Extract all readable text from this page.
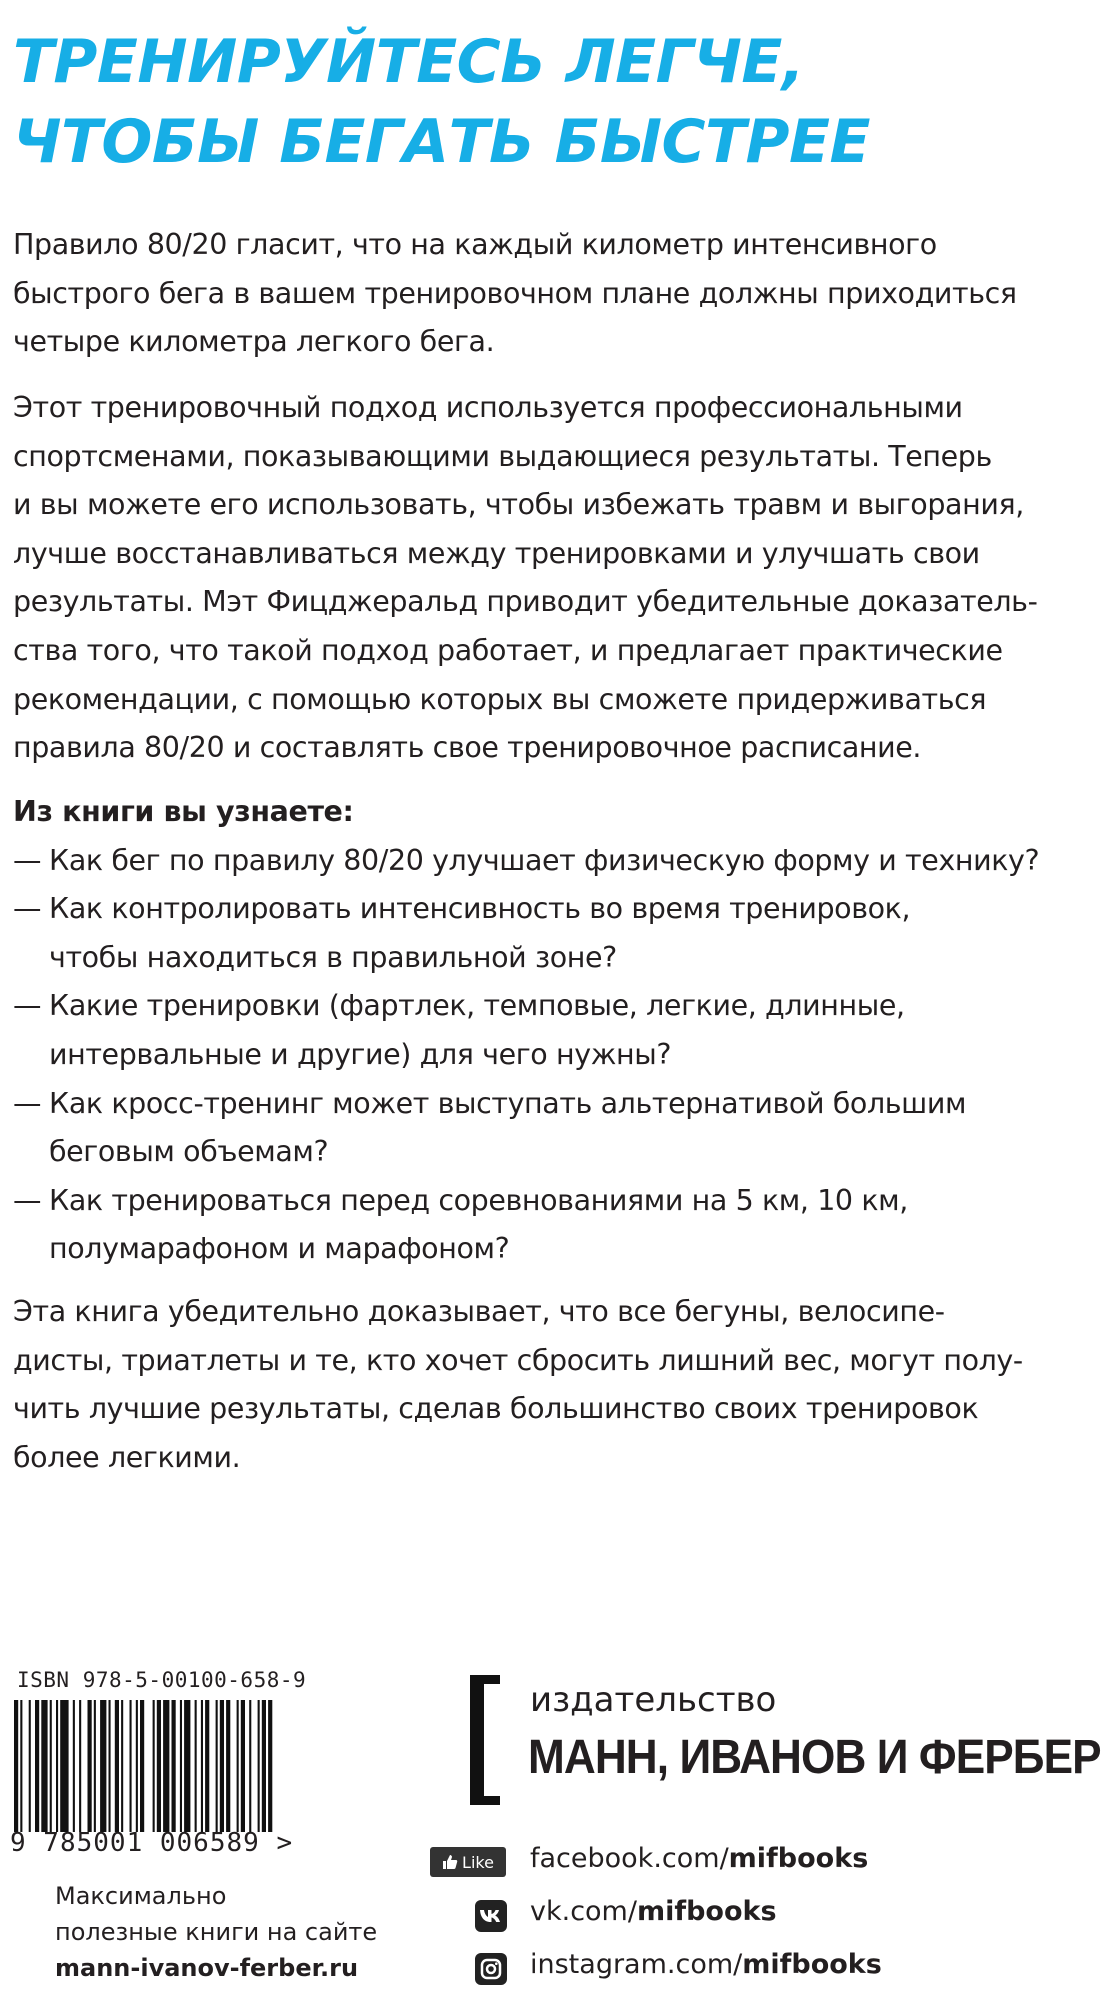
ТРЕНИРУЙТЕСЬ ЛЕГЧЕ,
ЧТОБЫ БЕГАТЬ БЫСТРЕЕ
Правило 80/20 гласит, что на каждый километр интенсивного
быстрого бега в вашем тренировочном плане должны приходиться
четыре километра легкого бега.
Этот тренировочный подход используется профессиональными
спортсменами, показывающими выдающиеся результаты. Теперь
и вы можете его использовать, чтобы избежать травм и выгорания,
лучше восстанавливаться между тренировками и улучшать свои
результаты. Мэт Фицджеральд приводит убедительные доказатель-
ства того, что такой подход работает, и предлагает практические
рекомендации, с помощью которых вы сможете придерживаться
правила 80/20 и составлять свое тренировочное расписание.
Из книги вы узнаете:
— Как бег по правилу 80/20 улучшает физическую форму и технику?
— Как контролировать интенсивность во время тренировок,
чтобы находиться в правильной зоне?
— Какие тренировки (фартлек, темповые, легкие, длинные,
интервальные и другие) для чего нужны?
— Как кросс-тренинг может выступать альтернативой большим
беговым объемам?
— Как тренироваться перед соревнованиями на 5 км, 10 км,
полумарафоном и марафоном?
Эта книга убедительно доказывает, что все бегуны, велосипе-
дисты, триатлеты и те, кто хочет сбросить лишний вес, могут полу-
чить лучшие результаты, сделав большинство своих тренировок
более легкими.
ISBN 978-5-00100-658-9
9 785001 006589 >
Максимально
полезные книги на сайте
mann-ivanov-ferber.ru
издательство
МАНН, ИВАНОВ И ФЕРБЕР
Like facebook.com/mifbooks
vk.com/mifbooks
instagram.com/mifbooks
